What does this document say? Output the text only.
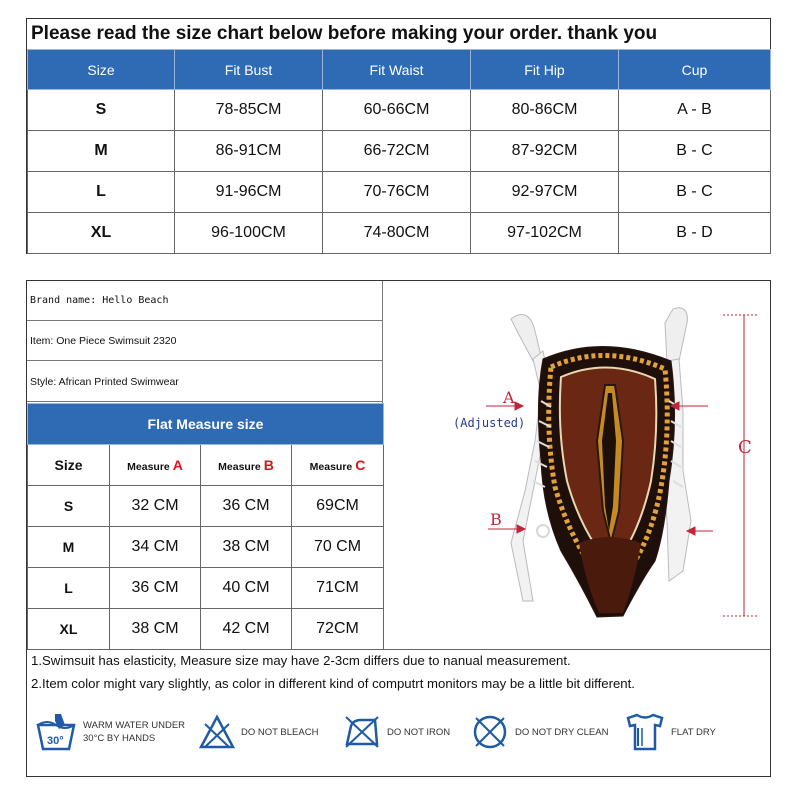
Please read the size chart below before making your order. thank you
Size	Fit Bust	Fit Waist	Fit Hip	Cup
S	78-85CM	60-66CM	80-86CM	A - B
M	86-91CM	66-72CM	87-92CM	B - C
L	91-96CM	70-76CM	92-97CM	B - C
XL	96-100CM	74-80CM	97-102CM	B - D
Brand name: Hello Beach
Item: One Piece Swimsuit 2320
Style: African Printed Swimwear
Flat Measure size			
Size	Measure A	Measure B	Measure C
S	32 CM	36 CM	69CM
M	34 CM	38 CM	70 CM
L	36 CM	40 CM	71CM
XL	38 CM	42 CM	72CM
A
(Adjusted)
B
C
1.Swimsuit has elasticity, Measure size may have 2-3cm differs due to nanual measurement.
2.Item color might vary slightly, as color in different kind of computrt monitors may be a little bit different.
30°
WARM WATER UNDER
30°C BY HANDS
DO NOT BLEACH	DO NOT IRON	DO NOT DRY CLEAN	FLAT DRY
